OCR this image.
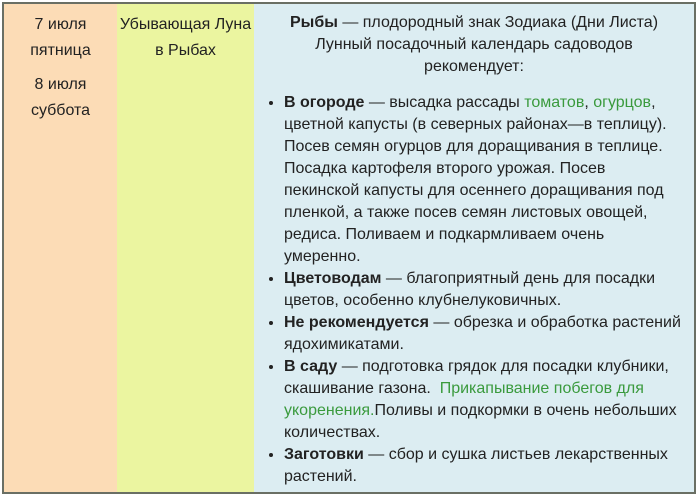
7 июля
пятница
8 июля
суббота

Убывающая Луна
в Рыбах

Рыбы — плодородный знак Зодиака (Дни Листа) Лунный посадочный календарь садоводов рекомендует:

• В огороде — высадка рассады томатов, огурцов, цветной капусты (в северных районах—в теплицу). Посев семян огурцов для доращивания в теплице. Посадка картофеля второго урожая. Посев пекинской капусты для осеннего доращивания под пленкой, а также посев семян листовых овощей, редиса. Поливаем и подкармливаем очень умеренно.
• Цветоводам — благоприятный день для посадки цветов, особенно клубнелуковичных.
• Не рекомендуется — обрезка и обработка растений ядохимикатами.
• В саду — подготовка грядок для посадки клубники, скашивание газона.  Прикапывание побегов для укоренения.Поливы и подкормки в очень небольших количествах.
• Заготовки — сбор и сушка листьев лекарственных растений.
